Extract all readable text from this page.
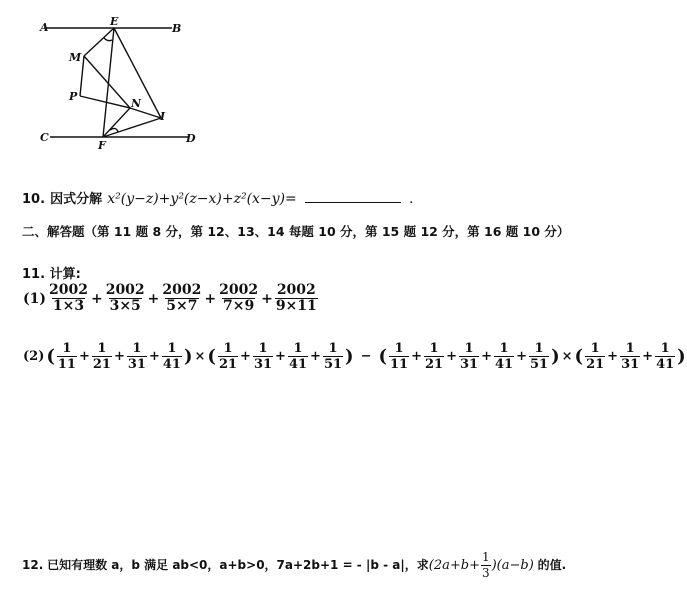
A	B
E
M
P
N
I
C	D
F
10. 因式分解 x²(y−z)+y²(z−x)+z²(x−y)=	.
二、解答题（第 11 题 8 分，第 12、13、14 每题 10 分，第 15 题 12 分，第 16 题 10 分）
11. 计算:
$(1) \frac{2002}{1\times 3} + \frac{2002}{3\times 5} + \frac{2002}{5\times 7} + \frac{2002}{7\times 9} + \frac{2002}{9\times 11}$
(2) ( $\frac{1}{11} + \frac{1}{21} + \frac{1}{31} + \frac{1}{41}$ ) × ( $\frac{1}{21} + \frac{1}{31} + \frac{1}{41} + \frac{1}{51}$ ) − ( $\frac{1}{11} + \frac{1}{21} + \frac{1}{31} + \frac{1}{41} + \frac{1}{51}$ ) × ( $\frac{1}{21} + \frac{1}{31} + \frac{1}{41}$ )
12. 已知有理数 a，b 满足 ab<0，a+b>0，7a+2b+1 = - |b - a|，求$(2a+b+ \frac{1}{3} )(a-b)$ 的值.
